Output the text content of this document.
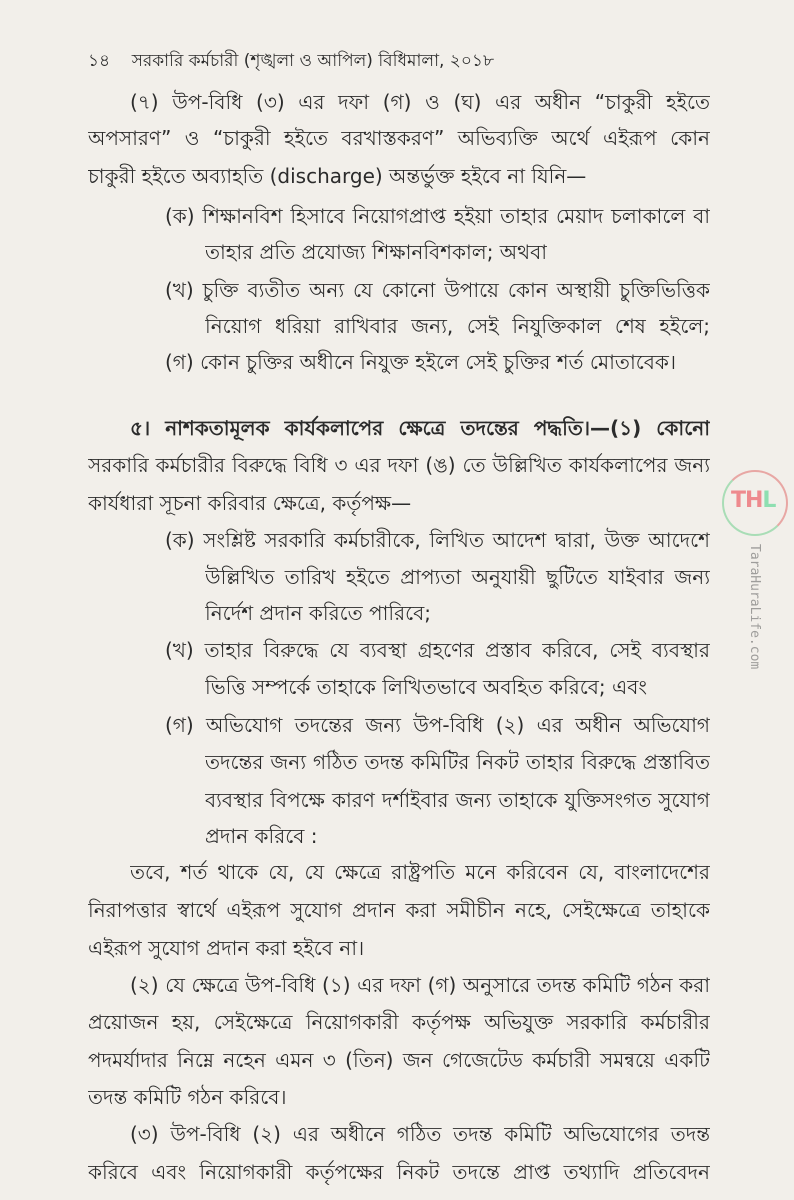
১৪ সরকারি কর্মচারী (শৃঙ্খলা ও আপিল) বিধিমালা, ২০১৮
THL
TaraHuraLife.com
(৭) উপ-বিধি (৩) এর দফা (গ) ও (ঘ) এর অধীন “চাকুরী হইতে
অপসারণ” ও “চাকুরী হইতে বরখাস্তকরণ” অভিব্যক্তি অর্থে এইরূপ কোন
চাকুরী হইতে অব্যাহতি (discharge) অন্তর্ভুক্ত হইবে না যিনি—
(ক) শিক্ষানবিশ হিসাবে নিয়োগপ্রাপ্ত হইয়া তাহার মেয়াদ চলাকালে বা
তাহার প্রতি প্রযোজ্য শিক্ষানবিশকাল; অথবা
(খ) চুক্তি ব্যতীত অন্য যে কোনো উপায়ে কোন অস্থায়ী চুক্তিভিত্তিক
নিয়োগ ধরিয়া রাখিবার জন্য, সেই নিযুক্তিকাল শেষ হইলে;
(গ) কোন চুক্তির অধীনে নিযুক্ত হইলে সেই চুক্তির শর্ত মোতাবেক।
৫। নাশকতামূলক কার্যকলাপের ক্ষেত্রে তদন্তের পদ্ধতি।—(১) কোনো
সরকারি কর্মচারীর বিরুদ্ধে বিধি ৩ এর দফা (ঙ) তে উল্লিখিত কার্যকলাপের জন্য
কার্যধারা সূচনা করিবার ক্ষেত্রে, কর্তৃপক্ষ—
(ক) সংশ্লিষ্ট সরকারি কর্মচারীকে, লিখিত আদেশ দ্বারা, উক্ত আদেশে
উল্লিখিত তারিখ হইতে প্রাপ্যতা অনুযায়ী ছুটিতে যাইবার জন্য
নির্দেশ প্রদান করিতে পারিবে;
(খ) তাহার বিরুদ্ধে যে ব্যবস্থা গ্রহণের প্রস্তাব করিবে, সেই ব্যবস্থার
ভিত্তি সম্পর্কে তাহাকে লিখিতভাবে অবহিত করিবে; এবং
(গ) অভিযোগ তদন্তের জন্য উপ-বিধি (২) এর অধীন অভিযোগ
তদন্তের জন্য গঠিত তদন্ত কমিটির নিকট তাহার বিরুদ্ধে প্রস্তাবিত
ব্যবস্থার বিপক্ষে কারণ দর্শাইবার জন্য তাহাকে যুক্তিসংগত সুযোগ
প্রদান করিবে :
তবে, শর্ত থাকে যে, যে ক্ষেত্রে রাষ্ট্রপতি মনে করিবেন যে, বাংলাদেশের
নিরাপত্তার স্বার্থে এইরূপ সুযোগ প্রদান করা সমীচীন নহে, সেইক্ষেত্রে তাহাকে
এইরূপ সুযোগ প্রদান করা হইবে না।
(২) যে ক্ষেত্রে উপ-বিধি (১) এর দফা (গ) অনুসারে তদন্ত কমিটি গঠন করা
প্রয়োজন হয়, সেইক্ষেত্রে নিয়োগকারী কর্তৃপক্ষ অভিযুক্ত সরকারি কর্মচারীর
পদমর্যাদার নিম্নে নহেন এমন ৩ (তিন) জন গেজেটেড কর্মচারী সমন্বয়ে একটি
তদন্ত কমিটি গঠন করিবে।
(৩) উপ-বিধি (২) এর অধীনে গঠিত তদন্ত কমিটি অভিযোগের তদন্ত
করিবে এবং নিয়োগকারী কর্তৃপক্ষের নিকট তদন্তে প্রাপ্ত তথ্যাদি প্রতিবেদন
